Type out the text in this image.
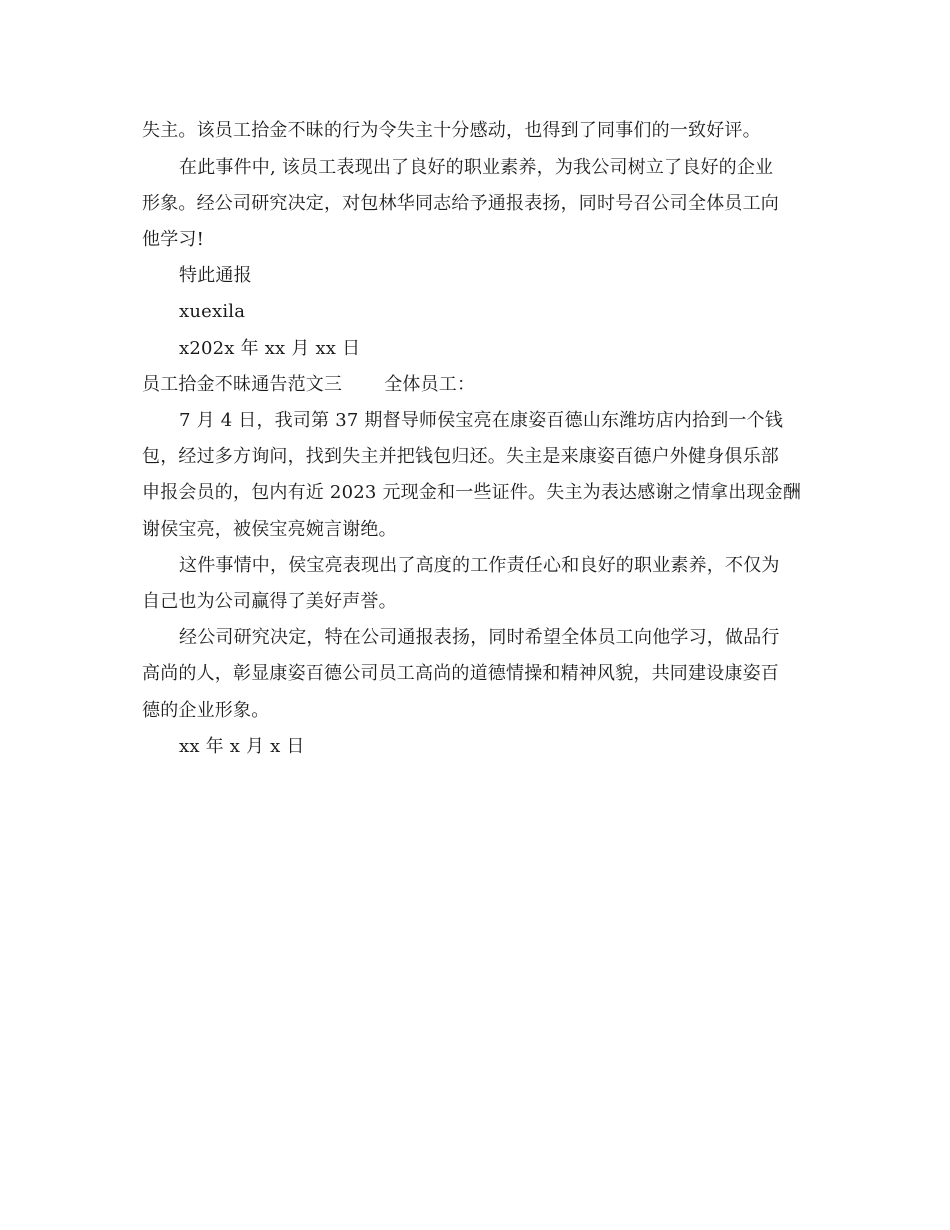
失主。该员工拾金不昧的行为令失主十分感动，也得到了同事们的一致好评。
在此事件中, 该员工表现出了良好的职业素养，为我公司树立了良好的企业
形象。经公司研究决定，对包林华同志给予通报表扬，同时号召公司全体员工向
他学习!
特此通报
xuexila
x202x 年 xx 月 xx 日
员工拾金不昧通告范文三 全体员工：
7 月 4 日，我司第 37 期督导师侯宝亮在康姿百德山东潍坊店内拾到一个钱
包，经过多方询问，找到失主并把钱包归还。失主是来康姿百德户外健身俱乐部
申报会员的，包内有近 2023 元现金和一些证件。失主为表达感谢之情拿出现金酬
谢侯宝亮，被侯宝亮婉言谢绝。
这件事情中，侯宝亮表现出了高度的工作责任心和良好的职业素养，不仅为
自己也为公司赢得了美好声誉。
经公司研究决定，特在公司通报表扬，同时希望全体员工向他学习，做品行
高尚的人，彰显康姿百德公司员工高尚的道德情操和精神风貌，共同建设康姿百
德的企业形象。
xx 年 x 月 x 日
